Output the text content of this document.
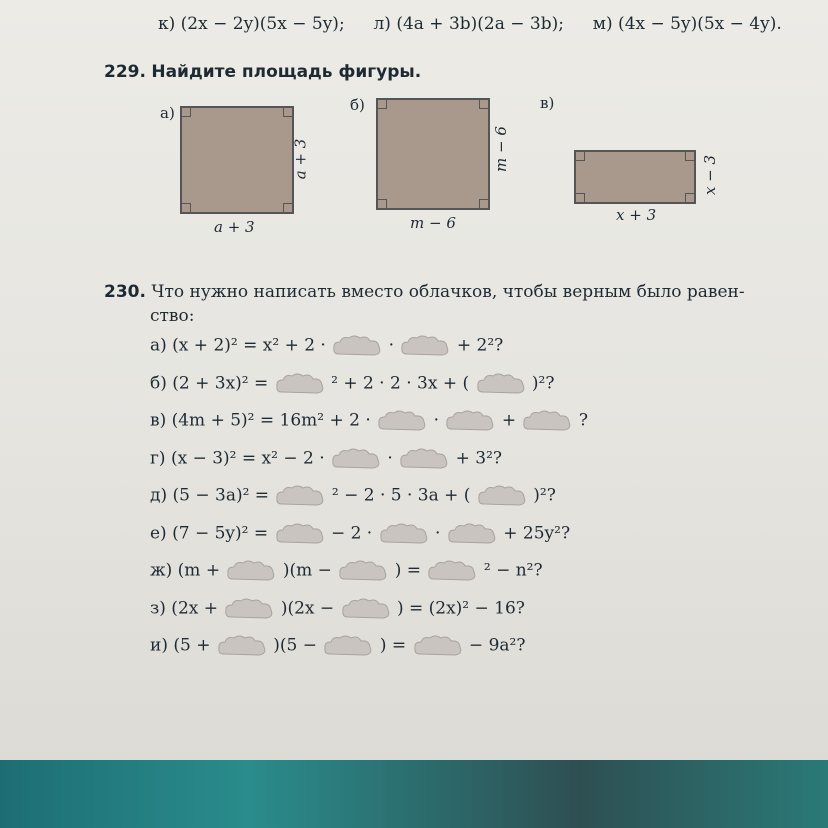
к) (2x − 2y)(5x − 5y); л) (4a + 3b)(2a − 3b); м) (4x − 5y)(5x − 4y).
229. Найдите площадь фигуры.
а)
a + 3
a + 3
б)
m − 6
m − 6
в)
x + 3
x − 3
230. Что нужно написать вместо облачков, чтобы верным было равен-
ство:
а) (x + 2)² = x² + 2 ·	·	+ 2²?
б) (2 + 3x)² =	² + 2 · 2 · 3x + (	)²?
в) (4m + 5)² = 16m² + 2 ·	·	+	?
г) (x − 3)² = x² − 2 ·	·	+ 3²?
д) (5 − 3a)² =	² − 2 · 5 · 3a + (	)²?
е) (7 − 5y)² =	− 2 ·	·	+ 25y²?
ж) (m +	)(m −	) =	² − n²?
з) (2x +	)(2x −	) = (2x)² − 16?
и) (5 +	)(5 −	) =	− 9a²?
